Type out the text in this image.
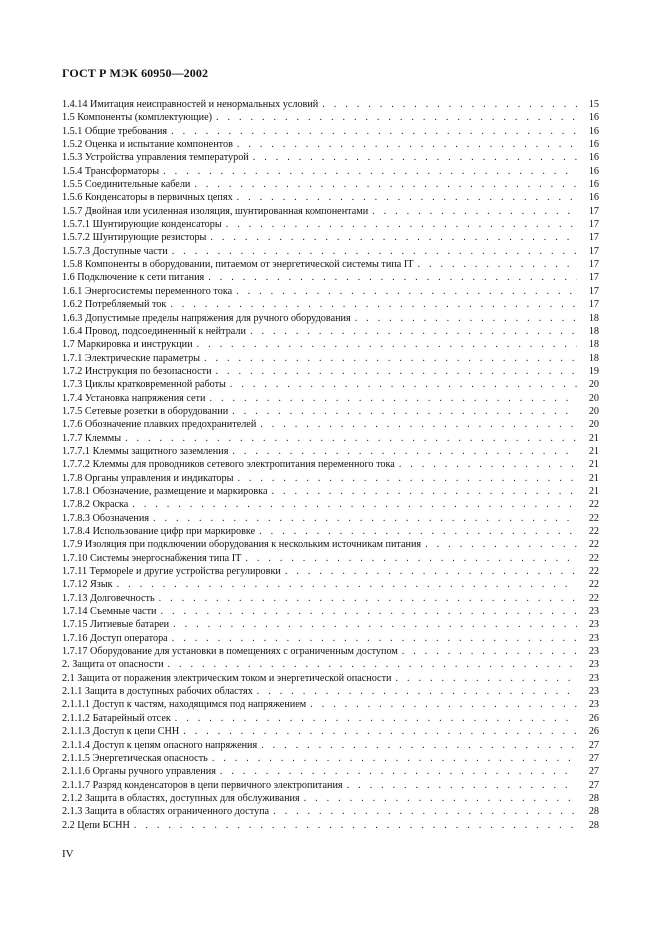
ГОСТ Р МЭК 60950—2002
1.4.14 Имитация неисправностей и ненормальных условий . . .	15
1.5 Компоненты (комплектующие) . . .	16
1.5.1 Общие требования . . .	16
1.5.2 Оценка и испытание компонентов . . .	16
1.5.3 Устройства управления температурой . . .	16
1.5.4 Трансформаторы . . .	16
1.5.5 Соединительные кабели . . .	16
1.5.6 Конденсаторы в первичных цепях . . .	16
1.5.7 Двойная или усиленная изоляция, шунтированная компонентами . . .	17
1.5.7.1 Шунтирующие конденсаторы . . .	17
1.5.7.2 Шунтирующие резисторы . . .	17
1.5.7.3 Доступные части . . .	17
1.5.8 Компоненты в оборудовании, питаемом от энергетической системы типа IT . . .	17
1.6 Подключение к сети питания . . .	17
1.6.1 Энергосистемы переменного тока . . .	17
1.6.2 Потребляемый ток . . .	17
1.6.3 Допустимые пределы напряжения для ручного оборудования . . .	18
1.6.4 Провод, подсоединенный к нейтрали . . .	18
1.7 Маркировка и инструкции . . .	18
1.7.1 Электрические параметры . . .	18
1.7.2 Инструкция по безопасности . . .	19
1.7.3 Циклы кратковременной работы . . .	20
1.7.4 Установка напряжения сети . . .	20
1.7.5 Сетевые розетки в оборудовании . . .	20
1.7.6 Обозначение плавких предохранителей . . .	20
1.7.7 Клеммы . . .	21
1.7.7.1 Клеммы защитного заземления . . .	21
1.7.7.2 Клеммы для проводников сетевого электропитания переменного тока . . .	21
1.7.8 Органы управления и индикаторы . . .	21
1.7.8.1 Обозначение, размещение и маркировка . . .	21
1.7.8.2 Окраска . . .	22
1.7.8.3 Обозначения . . .	22
1.7.8.4 Использование цифр при маркировке . . .	22
1.7.9 Изоляция при подключении оборудования к нескольким источникам питания . . .	22
1.7.10 Системы энергоснабжения типа IT . . .	22
1.7.11 Терморele и другие устройства регулировки . . .	22
1.7.12 Язык . . .	22
1.7.13 Долговечность . . .	22
1.7.14 Съемные части . . .	23
1.7.15 Литиевые батареи . . .	23
1.7.16 Доступ оператора . . .	23
1.7.17 Оборудование для установки в помещениях с ограниченным доступом . . .	23
2. Защита от опасности . . .	23
2.1 Защита от поражения электрическим током и энергетической опасности . . .	23
2.1.1 Защита в доступных рабочих областях . . .	23
2.1.1.1 Доступ к частям, находящимся под напряжением . . .	23
2.1.1.2 Батарейный отсек . . .	26
2.1.1.3 Доступ к цепи СНН . . .	26
2.1.1.4 Доступ к цепям опасного напряжения . . .	27
2.1.1.5 Энергетическая опасность . . .	27
2.1.1.6 Органы ручного управления . . .	27
2.1.1.7 Разряд конденсаторов в цепи первичного электропитания . . .	27
2.1.2 Защита в областях, доступных для обслуживания . . .	28
2.1.3 Защита в областях ограниченного доступа . . .	28
2.2 Цепи БСНН . . .	28
IV
